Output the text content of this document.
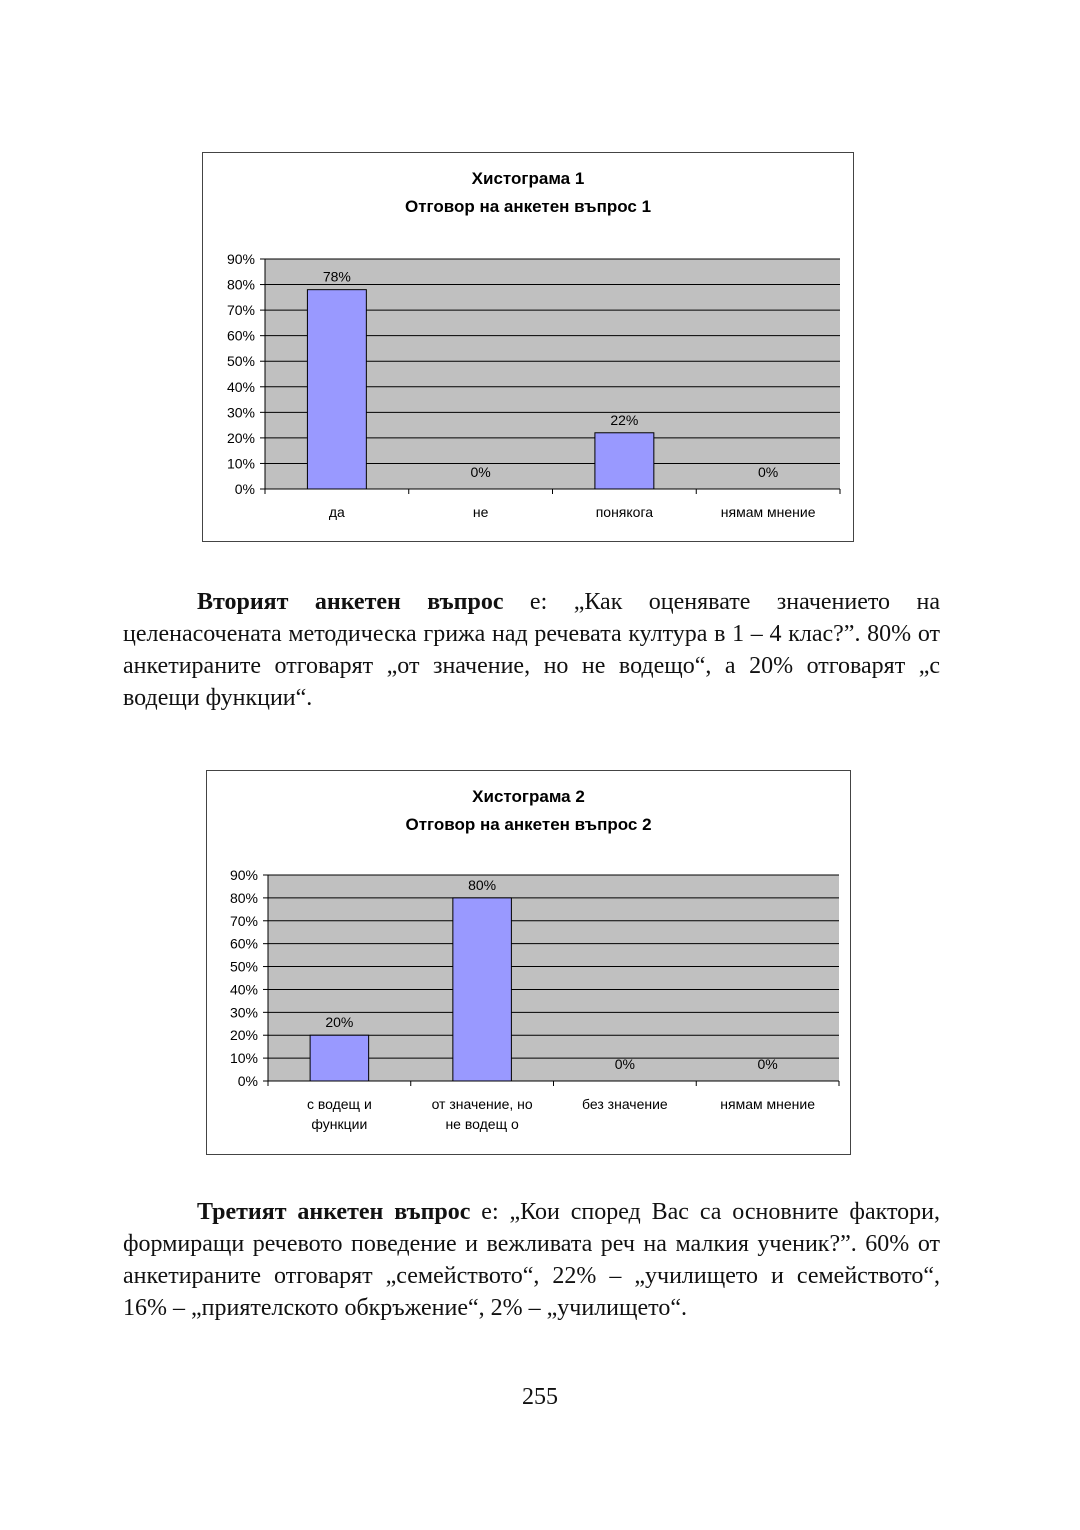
Хистограма 1
Отговор на анкетен въпрос 1
0%
10%
20%
30%
40%
50%
60%
70%
80%
90%
78%
да
0%
не
22%
понякога
0%
нямам мнение

Вторият анкетен въпрос е: „Как оценявате значението на целенасочената методическа грижа над речевата култура в 1 – 4 клас?”. 80% от анкетираните отговарят „от значение, но не водещо“, а 20% отговарят „с водещи функции“.

Хистограма 2
Отговор на анкетен въпрос 2
0%
10%
20%
30%
40%
50%
60%
70%
80%
90%
20%
с водещ и
функции
80%
от значение, но
не водещ о
0%
без значение
0%
нямам мнение

Третият анкетен въпрос е: „Кои според Вас са основните фактори, формиращи речевото поведение и вежливата реч на малкия ученик?”. 60% от анкетираните отговарят „семейството“, 22% – „училището и семейството“, 16% – „приятелското обкръжение“, 2% – „училището“.

255
